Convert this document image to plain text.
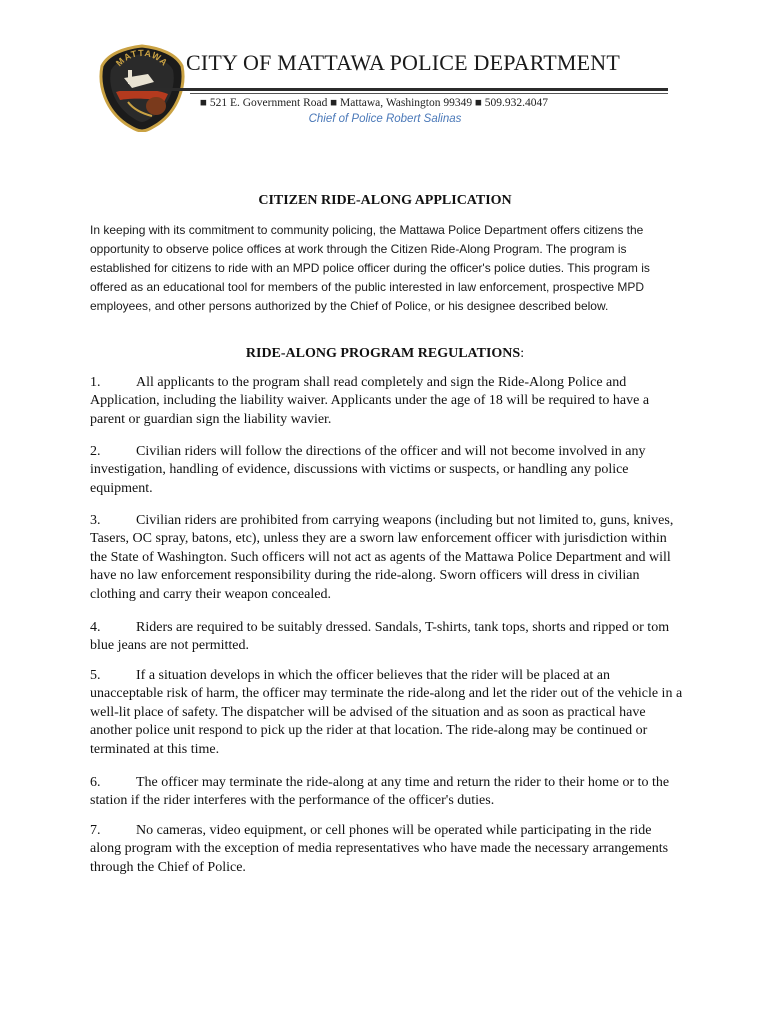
MATTAWA CITY OF MATTAWA POLICE DEPARTMENT
■ 521 E. Government Road ■ Mattawa, Washington 99349 ■ 509.932.4047
Chief of Police Robert Salinas
CITIZEN RIDE-ALONG APPLICATION
In keeping with its commitment to community policing, the Mattawa Police Department offers citizens the opportunity to observe police offices at work through the Citizen Ride-Along Program. The program is established for citizens to ride with an MPD police officer during the officer's police duties. This program is offered as an educational tool for members of the public interested in law enforcement, prospective MPD employees, and other persons authorized by the Chief of Police, or his designee described below.
RIDE-ALONG PROGRAM REGULATIONS:
1.	All applicants to the program shall read completely and sign the Ride-Along Police and Application, including the liability waiver. Applicants under the age of 18 will be required to have a parent or guardian sign the liability wavier.
2.	Civilian riders will follow the directions of the officer and will not become involved in any investigation, handling of evidence, discussions with victims or suspects, or handling any police equipment.
3.	Civilian riders are prohibited from carrying weapons (including but not limited to, guns, knives, Tasers, OC spray, batons, etc), unless they are a sworn law enforcement officer with jurisdiction within the State of Washington. Such officers will not act as agents of the Mattawa Police Department and will have no law enforcement responsibility during the ride-along. Sworn officers will dress in civilian clothing and carry their weapon concealed.
4.	Riders are required to be suitably dressed. Sandals, T-shirts, tank tops, shorts and ripped or tom blue jeans are not permitted.
5.	If a situation develops in which the officer believes that the rider will be placed at an unacceptable risk of harm, the officer may terminate the ride-along and let the rider out of the vehicle in a well-lit place of safety. The dispatcher will be advised of the situation and as soon as practical have another police unit respond to pick up the rider at that location. The ride-along may be continued or terminated at this time.
6.	The officer may terminate the ride-along at any time and return the rider to their home or to the station if the rider interferes with the performance of the officer's duties.
7.	No cameras, video equipment, or cell phones will be operated while participating in the ride along program with the exception of media representatives who have made the necessary arrangements through the Chief of Police.
